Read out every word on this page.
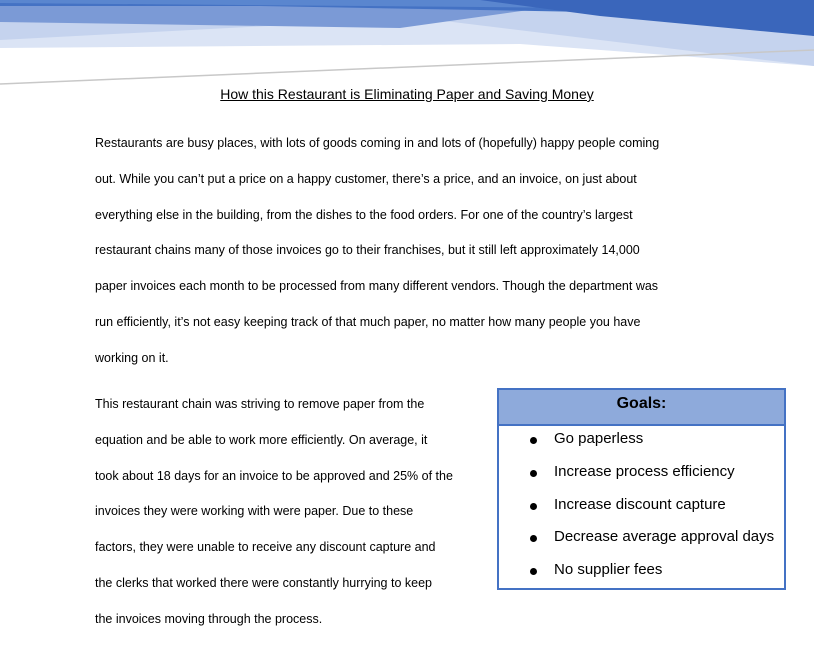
How this Restaurant is Eliminating Paper and Saving Money
Restaurants are busy places, with lots of goods coming in and lots of (hopefully) happy people coming
out. While you can’t put a price on a happy customer, there’s a price, and an invoice, on just about
everything else in the building, from the dishes to the food orders. For one of the country’s largest
restaurant chains many of those invoices go to their franchises, but it still left approximately 14,000
paper invoices each month to be processed from many different vendors. Though the department was
run efficiently, it’s not easy keeping track of that much paper, no matter how many people you have
working on it.
This restaurant chain was striving to remove paper from the
equation and be able to work more efficiently. On average, it
took about 18 days for an invoice to be approved and 25% of the
invoices they were working with were paper. Due to these
factors, they were unable to receive any discount capture and
the clerks that worked there were constantly hurrying to keep
the invoices moving through the process.
Goals:
Go paperless
Increase process efficiency
Increase discount capture
Decrease average approval days
No supplier fees
